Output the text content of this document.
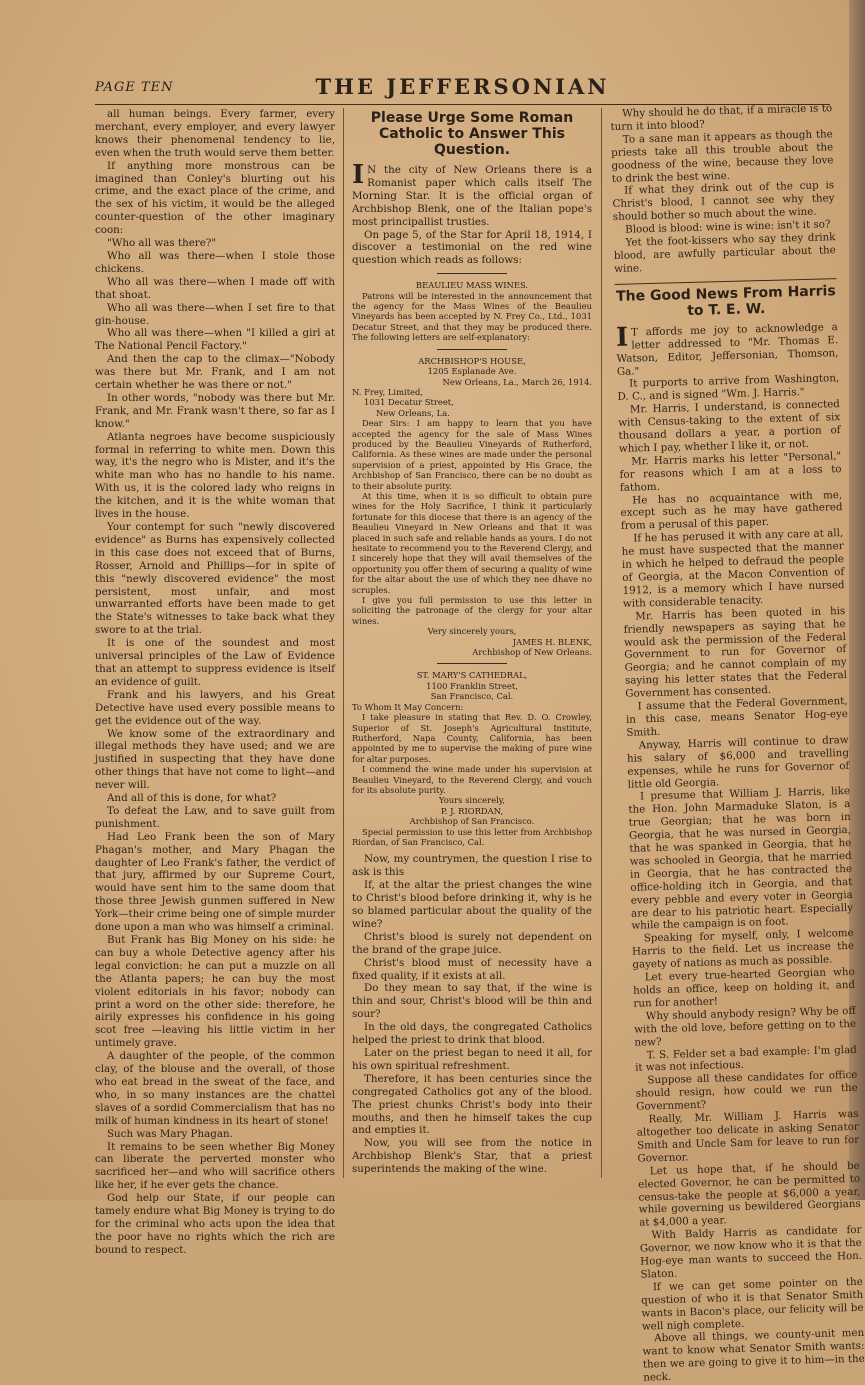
PAGE TEN	THE JEFFERSONIAN

all human beings. Every farmer, every merchant, every employer, and every lawyer knows their phenomenal tendency to lie, even when the truth would serve them better.

If anything more monstrous can be imagined than Conley's blurting out his crime, and the exact place of the crime, and the sex of his victim, it would be the alleged counter-question of the other imaginary coon:

"Who all was there?"

Who all was there—when I stole those chickens.

Who all was there—when I made off with that shoat.

Who all was there—when I set fire to that gin-house.

Who all was there—when "I killed a girl at The National Pencil Factory."

And then the cap to the climax—"Nobody was there but Mr. Frank, and I am not certain whether he was there or not."

In other words, "nobody was there but Mr. Frank, and Mr. Frank wasn't there, so far as I know."

Atlanta negroes have become suspiciously formal in referring to white men. Down this way, it's the negro who is Mister, and it's the white man who has no handle to his name. With us, it is the colored lady who reigns in the kitchen, and it is the white woman that lives in the house.

Your contempt for such "newly discovered evidence" as Burns has expensively collected in this case does not exceed that of Burns, Rosser, Arnold and Phillips—for in spite of this "newly discovered evidence" the most persistent, most unfair, and most unwarranted efforts have been made to get the State's witnesses to take back what they swore to at the trial.

It is one of the soundest and most universal principles of the Law of Evidence that an attempt to suppress evidence is itself an evidence of guilt.

Frank and his lawyers, and his Great Detective have used every possible means to get the evidence out of the way.

We know some of the extraordinary and illegal methods they have used; and we are justified in suspecting that they have done other things that have not come to light—and never will.

And all of this is done, for what?

To defeat the Law, and to save guilt from punishment.

Had Leo Frank been the son of Mary Phagan's mother, and Mary Phagan the daughter of Leo Frank's father, the verdict of that jury, affirmed by our Supreme Court, would have sent him to the same doom that those three Jewish gunmen suffered in New York—their crime being one of simple murder done upon a man who was himself a criminal.

But Frank has Big Money on his side: he can buy a whole Detective agency after his legal conviction: he can put a muzzle on all the Atlanta papers; he can buy the most violent editorials in his favor; nobody can print a word on the other side: therefore, he airily expresses his confidence in his going scot free —leaving his little victim in her untimely grave.

A daughter of the people, of the common clay, of the blouse and the overall, of those who eat bread in the sweat of the face, and who, in so many instances are the chattel slaves of a sordid Commercialism that has no milk of human kindness in its heart of stone!

Such was Mary Phagan.

It remains to be seen whether Big Money can liberate the perverted monster who sacrificed her—and who will sacrifice others like her, if he ever gets the chance.

God help our State, if our people can tamely endure what Big Money is trying to do for the criminal who acts upon the idea that the poor have no rights which the rich are bound to respect.

Please Urge Some Roman Catholic to Answer This Question.

I N the city of New Orleans there is a Romanist paper which calls itself The Morning Star. It is the official organ of Archbishop Blenk, one of the Italian pope's most principallist trusties.

On page 5, of the Star for April 18, 1914, I discover a testimonial on the red wine question which reads as follows:

BEAULIEU MASS WINES.

Patrons will be interested in the announcement that the agency for the Mass Wines of the Beaulieu Vineyards has been accepted by N. Frey Co., Ltd., 1031 Decatur Street, and that they may be produced there. The following letters are self-explanatory:

ARCHBISHOP'S HOUSE,

1205 Esplanade Ave.

New Orleans, La., March 26, 1914.

N. Frey, Limited,

1031 Decatur Street,

New Orleans, La.

Dear Sirs: I am happy to learn that you have accepted the agency for the sale of Mass Wines produced by the Beaulieu Vineyards of Rutherford, California. As these wines are made under the personal supervision of a priest, appointed by His Grace, the Archbishop of San Francisco, there can be no doubt as to their absolute purity.

At this time, when it is so difficult to obtain pure wines for the Holy Sacrifice, I think it particularly fortunate for this diocese that there is an agency of the Beaulieu Vineyard in New Orleans and that it was placed in such safe and reliable hands as yours. I do not hesitate to recommend you to the Reverend Clergy, and I sincerely hope that they will avail themselves of the opportunity you offer them of securing a quality of wine for the altar about the use of which they nee dhave no scruples.

I give you full permission to use this letter in soliciting the patronage of the clergy for your altar wines.

Very sincerely yours,

JAMES H. BLENK,

Archbishop of New Orleans.

ST. MARY'S CATHEDRAL,

1100 Franklin Street,

San Francisco, Cal.

To Whom It May Concern:

I take pleasure in stating that Rev. D. O. Crowley, Superior of St. Joseph's Agricultural Institute, Rutherford, Napa County, California, has been appointed by me to supervise the making of pure wine for altar purposes.

I commend the wine made under his supervision at Beaulieu Vineyard, to the Reverend Clergy, and vouch for its absolute purity.

Yours sincerely,

P. J. RIORDAN,

Archbishop of San Francisco.

Special permission to use this letter from Archbishop Riordan, of San Francisco, Cal.

Now, my countrymen, the question I rise to ask is this

If, at the altar the priest changes the wine to Christ's blood before drinking it, why is he so blamed particular about the quality of the wine?

Christ's blood is surely not dependent on the brand of the grape juice.

Christ's blood must of necessity have a fixed quality, if it exists at all.

Do they mean to say that, if the wine is thin and sour, Christ's blood will be thin and sour?

In the old days, the congregated Catholics helped the priest to drink that blood.

Later on the priest began to need it all, for his own spiritual refreshment.

Therefore, it has been centuries since the congregated Catholics got any of the blood. The priest chunks Christ's body into their mouths, and then he himself takes the cup and empties it.

Now, you will see from the notice in Archbishop Blenk's Star, that a priest superintends the making of the wine.

Why should he do that, if a miracle is to turn it into blood?

To a sane man it appears as though the priests take all this trouble about the goodness of the wine, because they love to drink the best wine.

If what they drink out of the cup is Christ's blood, I cannot see why they should bother so much about the wine.

Blood is blood: wine is wine: isn't it so?

Yet the foot-kissers who say they drink blood, are awfully particular about the wine.

The Good News From Harris to T. E. W.

I T affords me joy to acknowledge a letter addressed to "Mr. Thomas E. Watson, Editor, Jeffersonian, Thomson, Ga."

It purports to arrive from Washington, D. C., and is signed "Wm. J. Harris."

Mr. Harris, I understand, is connected with Census-taking to the extent of six thousand dollars a year, a portion of which I pay, whether I like it, or not.

Mr. Harris marks his letter "Personal," for reasons which I am at a loss to fathom.

He has no acquaintance with me, except such as he may have gathered from a perusal of this paper.

If he has perused it with any care at all, he must have suspected that the manner in which he helped to defraud the people of Georgia, at the Macon Convention of 1912, is a memory which I have nursed with considerable tenacity.

Mr. Harris has been quoted in his friendly newspapers as saying that he would ask the permission of the Federal Government to run for Governor of Georgia; and he cannot complain of my saying his letter states that the Federal Government has consented.

I assume that the Federal Government, in this case, means Senator Hog-eye Smith.

Anyway, Harris will continue to draw his salary of $6,000 and travelling expenses, while he runs for Governor of little old Georgia.

I presume that William J. Harris, like the Hon. John Marmaduke Slaton, is a true Georgian; that he was born in Georgia, that he was nursed in Georgia, that he was spanked in Georgia, that he was schooled in Georgia, that he married in Georgia, that he has contracted the office-holding itch in Georgia, and that every pebble and every voter in Georgia are dear to his patriotic heart. Especially while the campaign is on foot.

Speaking for myself, only, I welcome Harris to the field. Let us increase the gayety of nations as much as possible.

Let every true-hearted Georgian who holds an office, keep on holding it, and run for another!

Why should anybody resign? Why be off with the old love, before getting on to the new?

T. S. Felder set a bad example: I'm glad it was not infectious.

Suppose all these candidates for office should resign, how could we run the Government?

Really, Mr. William J. Harris was altogether too delicate in asking Senator Smith and Uncle Sam for leave to run for Governor.

Let us hope that, if he should be elected Governor, he can be permitted to census-take the people at $6,000 a year, while governing us bewildered Georgians at $4,000 a year.

With Baldy Harris as candidate for Governor, we now know who it is that the Hog-eye man wants to succeed the Hon. Slaton.

If we can get some pointer on the question of who it is that Senator Smith wants in Bacon's place, our felicity will be well nigh complete.

Above all things, we county-unit men want to know what Senator Smith wants: then we are going to give it to him—in the neck.
